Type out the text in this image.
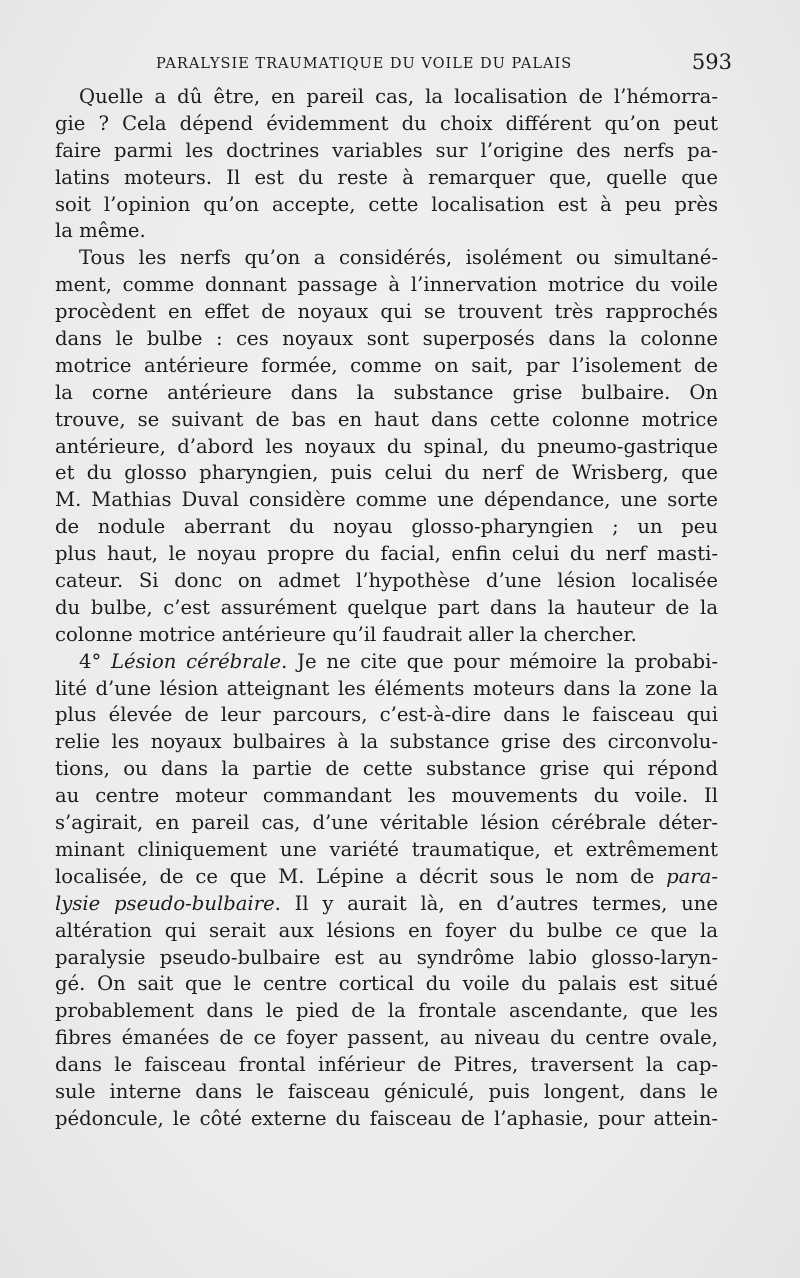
PARALYSIE TRAUMATIQUE DU VOILE DU PALAIS	593
Quelle a dû être, en pareil cas, la localisation de l’hémorra-
gie ? Cela dépend évidemment du choix différent qu’on peut
faire parmi les doctrines variables sur l’origine des nerfs pa-
latins moteurs. Il est du reste à remarquer que, quelle que
soit l’opinion qu’on accepte, cette localisation est à peu près
la même.
Tous les nerfs qu’on a considérés, isolément ou simultané-
ment, comme donnant passage à l’innervation motrice du voile
procèdent en effet de noyaux qui se trouvent très rapprochés
dans le bulbe : ces noyaux sont superposés dans la colonne
motrice antérieure formée, comme on sait, par l’isolement de
la corne antérieure dans la substance grise bulbaire. On
trouve, se suivant de bas en haut dans cette colonne motrice
antérieure, d’abord les noyaux du spinal, du pneumo-gastrique
et du glosso pharyngien, puis celui du nerf de Wrisberg, que
M. Mathias Duval considère comme une dépendance, une sorte
de nodule aberrant du noyau glosso-pharyngien ; un peu
plus haut, le noyau propre du facial, enfin celui du nerf masti-
cateur. Si donc on admet l’hypothèse d’une lésion localisée
du bulbe, c’est assurément quelque part dans la hauteur de la
colonne motrice antérieure qu’il faudrait aller la chercher.
4° Lésion cérébrale. Je ne cite que pour mémoire la probabi-
lité d’une lésion atteignant les éléments moteurs dans la zone la
plus élevée de leur parcours, c’est-à-dire dans le faisceau qui
relie les noyaux bulbaires à la substance grise des circonvolu-
tions, ou dans la partie de cette substance grise qui répond
au centre moteur commandant les mouvements du voile. Il
s’agirait, en pareil cas, d’une véritable lésion cérébrale déter-
minant cliniquement une variété traumatique, et extrêmement
localisée, de ce que M. Lépine a décrit sous le nom de para-
lysie pseudo-bulbaire. Il y aurait là, en d’autres termes, une
altération qui serait aux lésions en foyer du bulbe ce que la
paralysie pseudo-bulbaire est au syndrôme labio glosso-laryn-
gé. On sait que le centre cortical du voile du palais est situé
probablement dans le pied de la frontale ascendante, que les
fibres émanées de ce foyer passent, au niveau du centre ovale,
dans le faisceau frontal inférieur de Pitres, traversent la cap-
sule interne dans le faisceau géniculé, puis longent, dans le
pédoncule, le côté externe du faisceau de l’aphasie, pour attein-
